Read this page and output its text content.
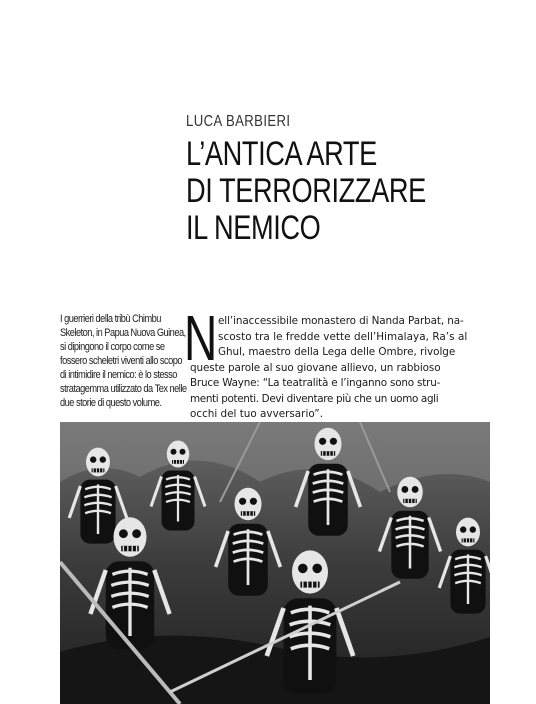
LUCA BARBIERI
L’ANTICA ARTE
DI TERRORIZZARE
IL NEMICO
I guerrieri della tribù Chimbu
Skeleton, in Papua Nuova Guinea,
si dipingono il corpo come se
fossero scheletri viventi allo scopo
di intimidire il nemico: è lo stesso
stratagemma utilizzato da Tex nelle
due storie di questo volume.
N ell’inaccessibile monastero di Nanda Parbat, na-
scosto tra le fredde vette dell’Himalaya, Ra’s al
Ghul, maestro della Lega delle Ombre, rivolge
queste parole al suo giovane allievo, un rabbioso
Bruce Wayne: “La teatralità e l’inganno sono stru-
menti potenti. Devi diventare più che un uomo agli
occhi del tuo avversario”.
